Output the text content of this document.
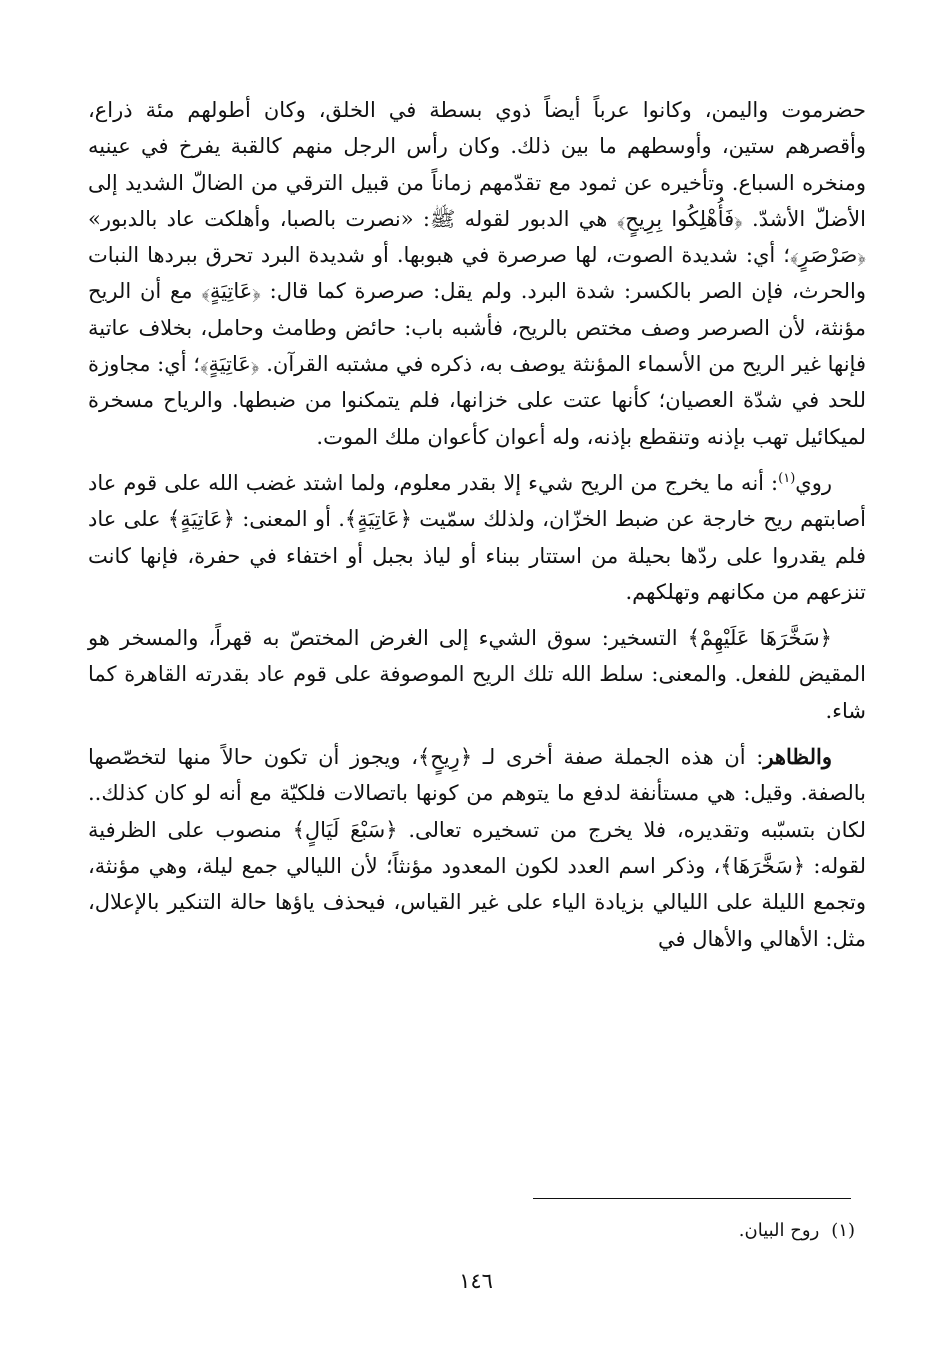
حضرموت واليمن، وكانوا عرباً أيضاً ذوي بسطة في الخلق، وكان أطولهم مئة ذراع، وأقصرهم ستين، وأوسطهم ما بين ذلك. وكان رأس الرجل منهم كالقبة يفرخ في عينيه ومنخره السباع. وتأخيره عن ثمود مع تقدّمهم زماناً من قبيل الترقي من الضالّ الشديد إلى الأضلّ الأشدّ. ﴿فَأُهْلِكُوا بِرِيحٍ﴾ هي الدبور لقوله ﷺ: «نصرت بالصبا، وأهلكت عاد بالدبور» ﴿صَرْصَرٍ﴾؛ أي: شديدة الصوت، لها صرصرة في هبوبها. أو شديدة البرد تحرق ببردها النبات والحرث، فإن الصر بالكسر: شدة البرد. ولم يقل: صرصرة كما قال: ﴿عَاتِيَةٍ﴾ مع أن الريح مؤنثة، لأن الصرصر وصف مختص بالريح، فأشبه باب: حائض وطامث وحامل، بخلاف عاتية فإنها غير الريح من الأسماء المؤنثة يوصف به، ذكره في مشتبه القرآن. ﴿عَاتِيَةٍ﴾؛ أي: مجاوزة للحد في شدّة العصيان؛ كأنها عتت على خزانها، فلم يتمكنوا من ضبطها. والرياح مسخرة لميكائيل تهب بإذنه وتنقطع بإذنه، وله أعوان كأعوان ملك الموت.

روي$^{(١)}$: أنه ما يخرج من الريح شيء إلا بقدر معلوم، ولما اشتد غضب الله على قوم عاد أصابتهم ريح خارجة عن ضبط الخزّان، ولذلك سمّيت ﴿عَاتِيَةٍ﴾. أو المعنى: ﴿عَاتِيَةٍ﴾ على عاد فلم يقدروا على ردّها بحيلة من استتار ببناء أو لياذ بجبل أو اختفاء في حفرة، فإنها كانت تنزعهم من مكانهم وتهلكهم.

﴿سَخَّرَهَا عَلَيْهِمْ﴾ التسخير: سوق الشيء إلى الغرض المختصّ به قهراً، والمسخر هو المقيض للفعل. والمعنى: سلط الله تلك الريح الموصوفة على قوم عاد بقدرته القاهرة كما شاء.

والظاهر: أن هذه الجملة صفة أخرى لـ ﴿رِيحٍ﴾، ويجوز أن تكون حالاً منها لتخصّصها بالصفة. وقيل: هي مستأنفة لدفع ما يتوهم من كونها باتصالات فلكيّة مع أنه لو كان كذلك.. لكان بتسبّبه وتقديره، فلا يخرج من تسخيره تعالى. ﴿سَبْعَ لَيَالٍ﴾ منصوب على الظرفية لقوله: ﴿سَخَّرَهَا﴾، وذكر اسم العدد لكون المعدود مؤنثاً؛ لأن الليالي جمع ليلة، وهي مؤنثة، وتجمع الليلة على الليالي بزيادة الياء على غير القياس، فيحذف ياؤها حالة التنكير بالإعلال، مثل: الأهالي والأهال في

(١)روح البيان.
١٤٦
